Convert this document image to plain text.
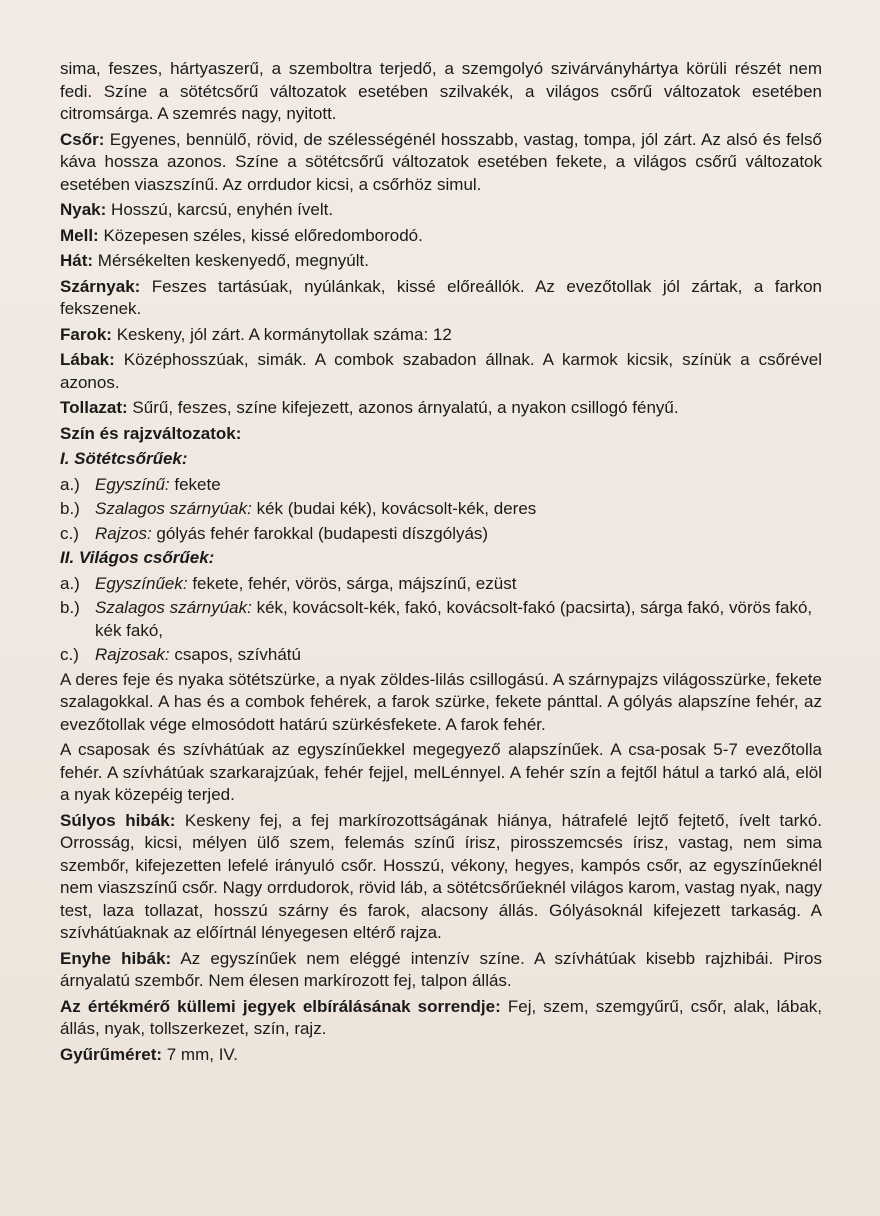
sima, feszes, hártyaszerű, a szemboltra terjedő, a szemgolyó szivárványhártya körüli részét nem fedi. Színe a sötétcsőrű változatok esetében szilvakék, a világos csőrű változatok esetében citromsárga. A szemrés nagy, nyitott.

Csőr: Egyenes, bennülő, rövid, de szélességénél hosszabb, vastag, tompa, jól zárt. Az alsó és felső káva hossza azonos. Színe a sötétcsőrű változatok esetében fekete, a világos csőrű változatok esetében viaszszínű. Az orrdudor kicsi, a csőrhöz simul.

Nyak: Hosszú, karcsú, enyhén ívelt.

Mell: Közepesen széles, kissé előredomborodó.

Hát: Mérsékelten keskenyedő, megnyúlt.

Szárnyak: Feszes tartásúak, nyúlánkak, kissé előreállók. Az evezőtollak jól zártak, a farkon fekszenek.

Farok: Keskeny, jól zárt. A kormánytollak száma: 12

Lábak: Középhosszúak, simák. A combok szabadon állnak. A karmok kicsik, színük a csőrével azonos.

Tollazat: Sűrű, feszes, színe kifejezett, azonos árnyalatú, a nyakon csillogó fényű.

Szín és rajzváltozatok:

I. Sötétcsőrűek:

a.) Egyszínű: fekete
b.) Szalagos szárnyúak: kék (budai kék), kovácsolt-kék, deres
c.) Rajzos: gólyás fehér farokkal (budapesti díszgólyás)

II. Világos csőrűek:

a.) Egyszínűek: fekete, fehér, vörös, sárga, májszínű, ezüst
b.) Szalagos szárnyúak: kék, kovácsolt-kék, fakó, kovácsolt-fakó (pacsirta), sárga fakó, vörös fakó, kék fakó,
c.) Rajzosak: csapos, szívhátú

A deres feje és nyaka sötétszürke, a nyak zöldes-lilás csillogású. A szárnypajzs világosszürke, fekete szalagokkal. A has és a combok fehérek, a farok szürke, fekete pánttal. A gólyás alapszíne fehér, az evezőtollak vége elmosódott határú szürkésfekete. A farok fehér.

A csaposak és szívhátúak az egyszínűekkel megegyező alapszínűek. A csa-posak 5-7 evezőtolla fehér. A szívhátúak szarkarajzúak, fehér fejjel, melLénnyel. A fehér szín a fejtől hátul a tarkó alá, elöl a nyak közepéig terjed.

Súlyos hibák: Keskeny fej, a fej markírozottságának hiánya, hátrafelé lejtő fejtető, ívelt tarkó. Orrosság, kicsi, mélyen ülő szem, felemás színű írisz, pirosszemcsés írisz, vastag, nem sima szembőr, kifejezetten lefelé irányuló csőr. Hosszú, vékony, hegyes, kampós csőr, az egyszínűeknél nem viaszszínű csőr. Nagy orrdudorok, rövid láb, a sötétcsőrűeknél világos karom, vastag nyak, nagy test, laza tollazat, hosszú szárny és farok, alacsony állás. Gólyásoknál kifejezett tarkaság. A szívhátúaknak az előírtnál lényegesen eltérő rajza.

Enyhe hibák: Az egyszínűek nem eléggé intenzív színe. A szívhátúak kisebb rajzhibái. Piros árnyalatú szembőr. Nem élesen markírozott fej, talpon állás.

Az értékmérő küllemi jegyek elbírálásának sorrendje: Fej, szem, szemgyűrű, csőr, alak, lábak, állás, nyak, tollszerkezet, szín, rajz.

Gyűrűméret: 7 mm, IV.
